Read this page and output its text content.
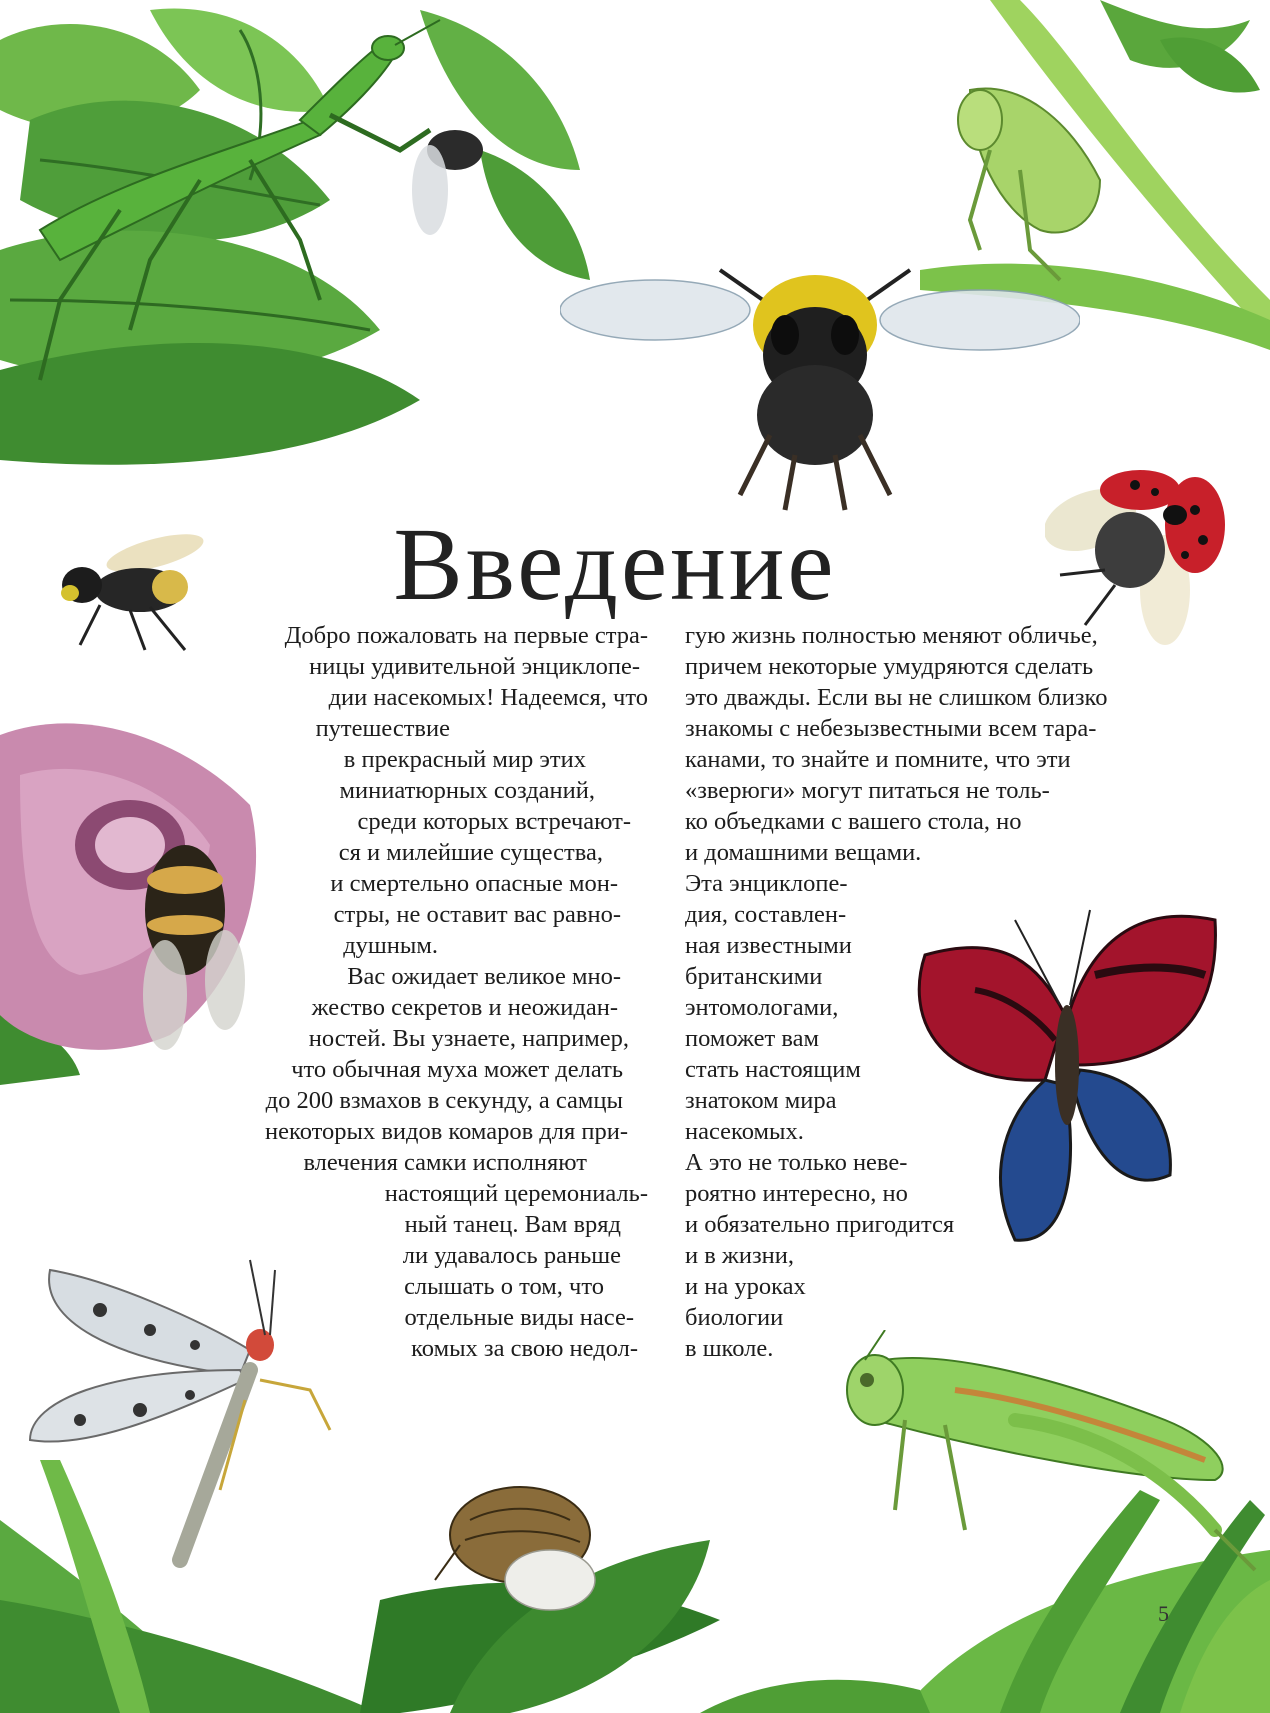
Введение
Добро пожаловать на первые стра-
ницы удивительной энциклопе-
дии насекомых! Надеемся, что
путешествие
в прекрасный мир этих
миниатюрных созданий,
среди которых встречают-
ся и милейшие существа,
и смертельно опасные мон-
стры, не оставит вас равно-
душным.
Вас ожидает великое мно-
жество секретов и неожидан-
ностей. Вы узнаете, например,
что обычная муха может делать
до 200 взмахов в секунду, а самцы
некоторых видов комаров для при-
влечения самки исполняют
настоящий церемониаль-
ный танец. Вам вряд
ли удавалось раньше
слышать о том, что
отдельные виды насе-
комых за свою недол-
гую жизнь полностью меняют обличье,
причем некоторые умудряются сделать
это дважды. Если вы не слишком близко
знакомы с небезызвестными всем тара-
канами, то знайте и помните, что эти
«зверюги» могут питаться не толь-
ко объедками с вашего стола, но
и домашними вещами.
Эта энциклопе-
дия, составлен-
ная известными
британскими
энтомологами,
поможет вам
стать настоящим
знатоком мира
насекомых.
А это не только неве-
роятно интересно, но
и обязательно пригодится
и в жизни,
и на уроках
биологии
в школе.
5
